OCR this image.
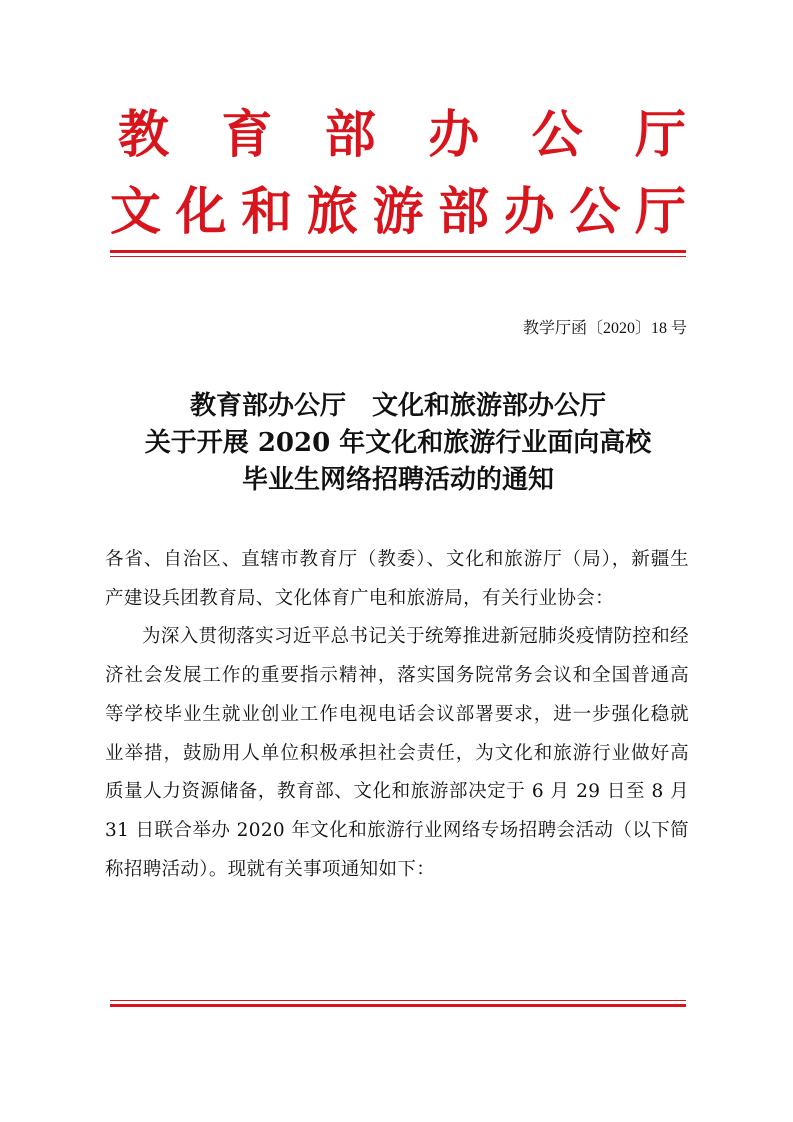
教 育 部 办 公 厅
文化和旅游部办公厅
教学厅函〔2020〕18 号
教育部办公厅　文化和旅游部办公厅
关于开展 2020 年文化和旅游行业面向高校
毕业生网络招聘活动的通知

各省、自治区、直辖市教育厅（教委）、文化和旅游厅（局），新疆生产建设兵团教育局、文化体育广电和旅游局，有关行业协会：

为深入贯彻落实习近平总书记关于统筹推进新冠肺炎疫情防控和经济社会发展工作的重要指示精神，落实国务院常务会议和全国普通高等学校毕业生就业创业工作电视电话会议部署要求，进一步强化稳就业举措，鼓励用人单位积极承担社会责任，为文化和旅游行业做好高质量人力资源储备，教育部、文化和旅游部决定于 6 月 29 日至 8 月 31 日联合举办 2020 年文化和旅游行业网络专场招聘会活动（以下简称招聘活动）。现就有关事项通知如下：
